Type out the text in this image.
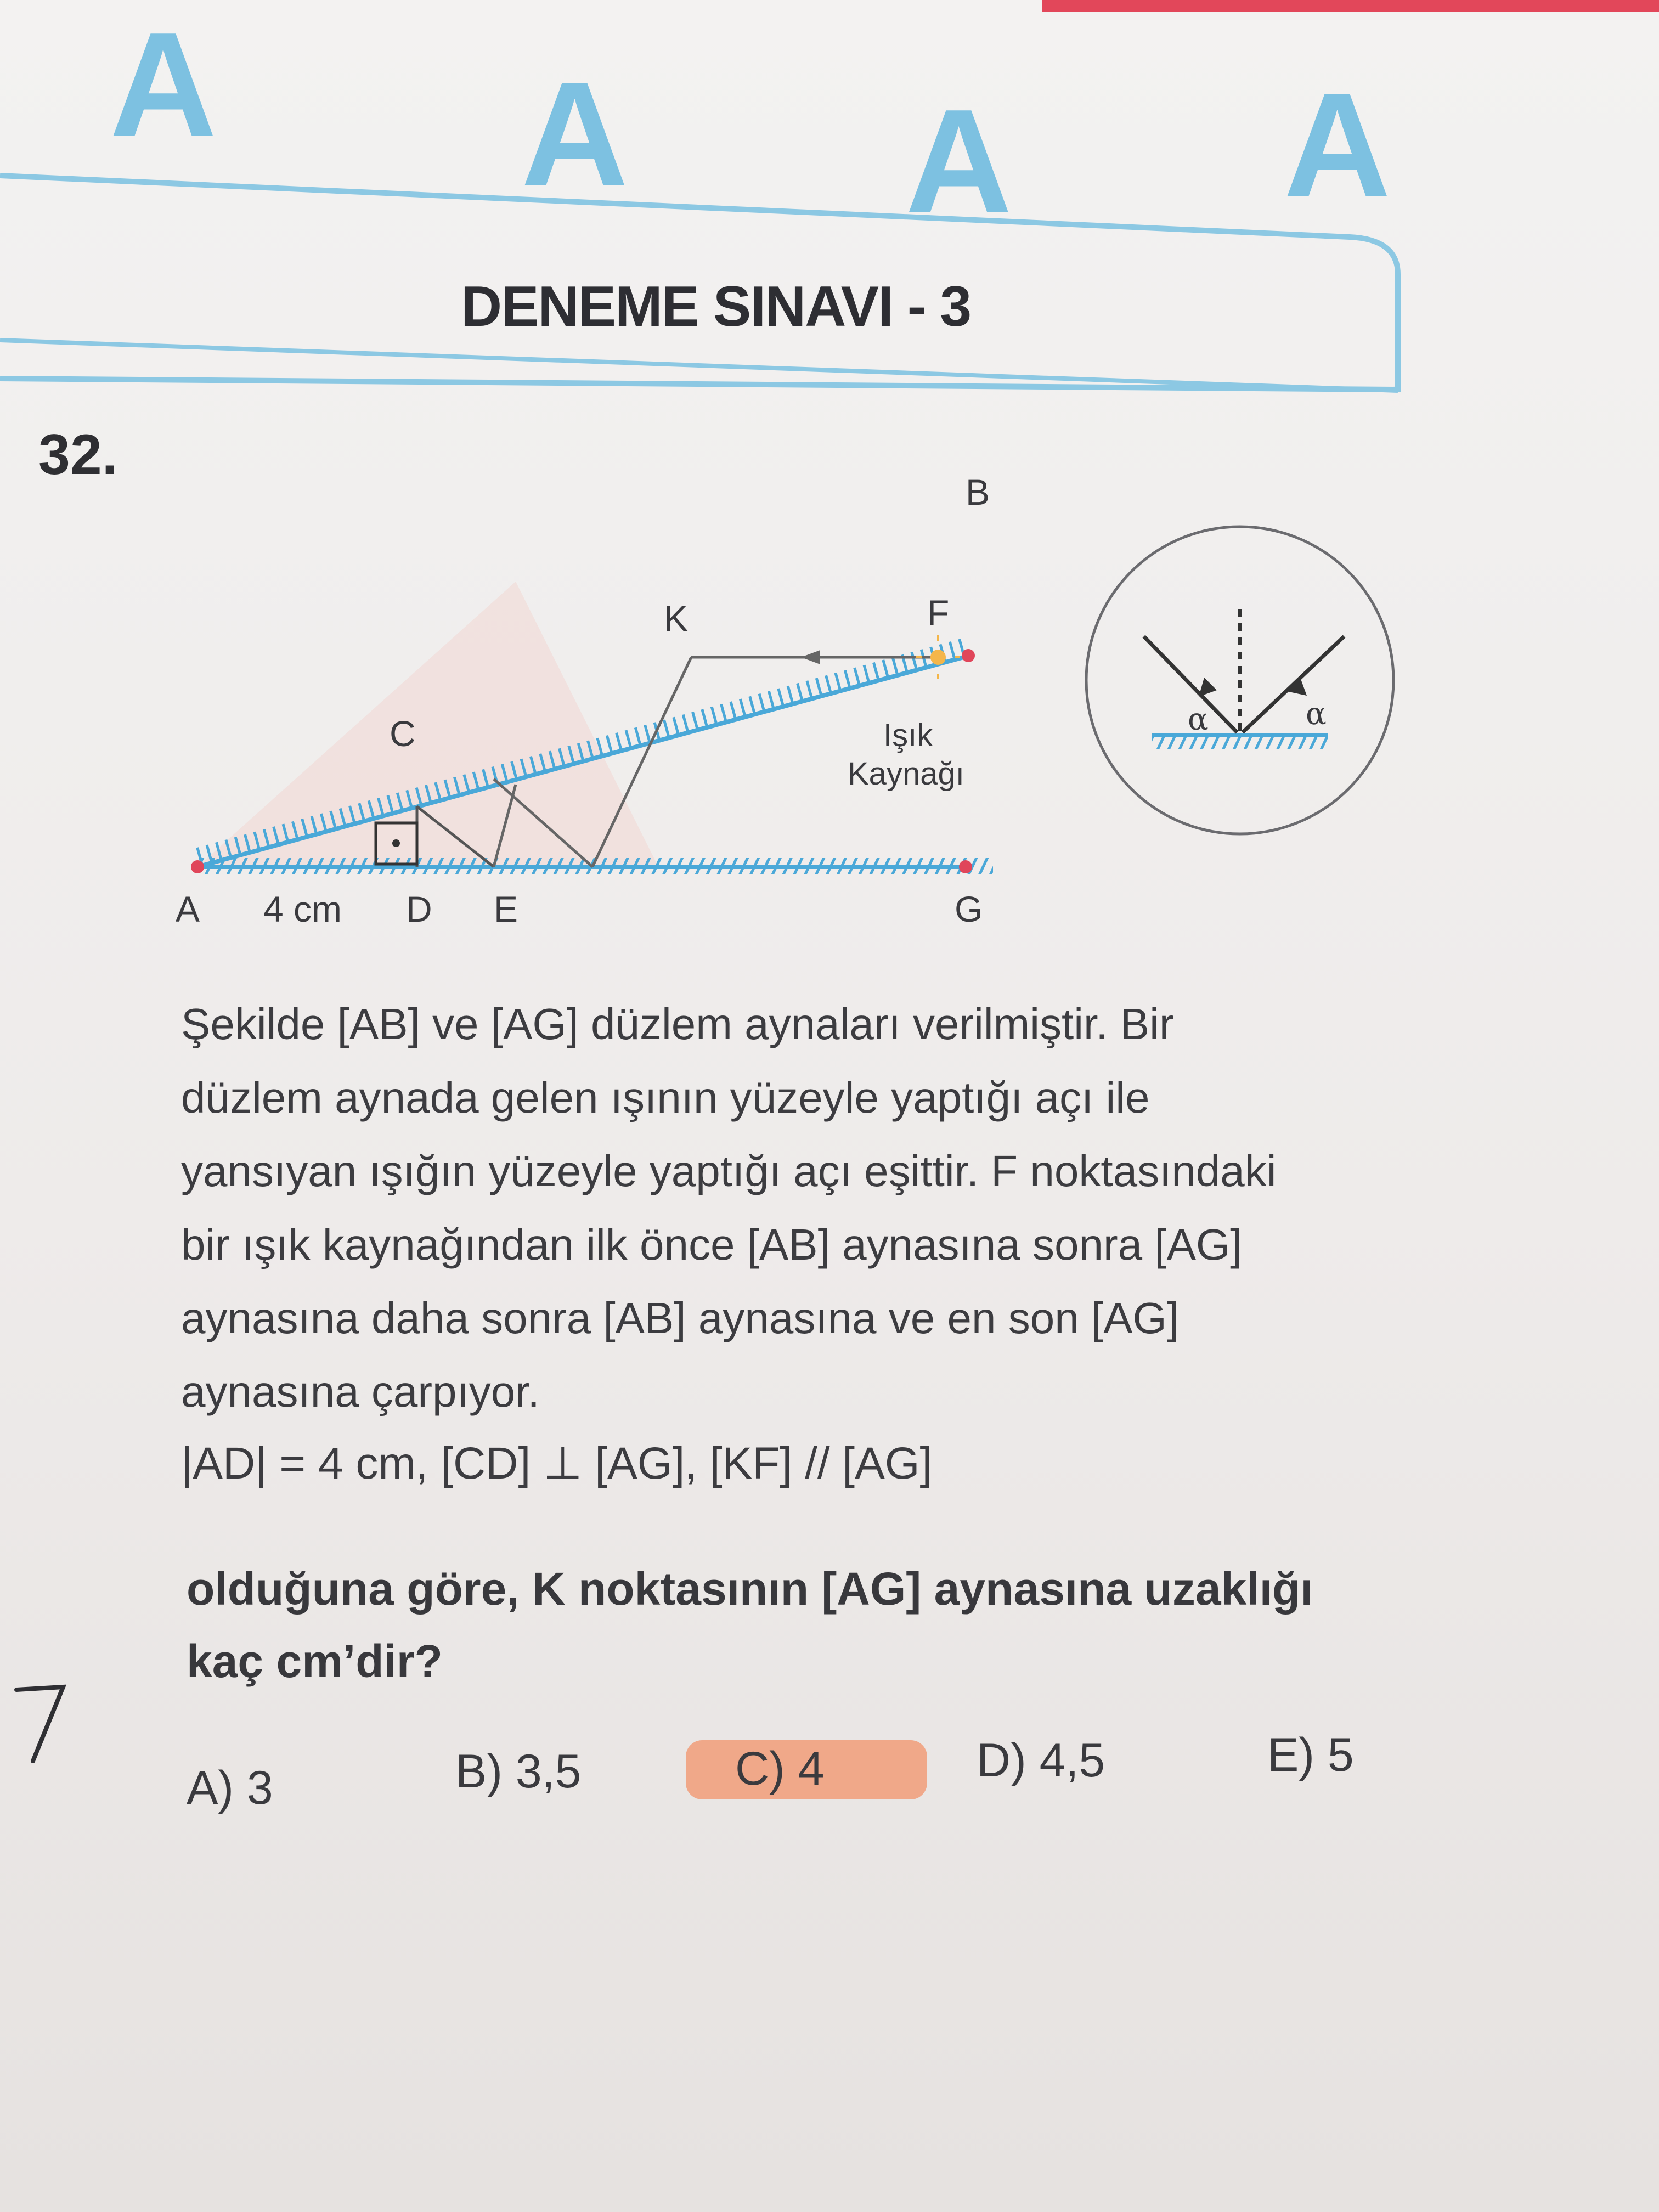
A A A A
DENEME SINAVI - 3
32.
A 4 cm D E	G
C
K	F
B
Işık
Kaynağı
α	α
Şekilde [AB] ve [AG] düzlem aynaları verilmiştir. Bir
düzlem aynada gelen ışının yüzeyle yaptığı açı ile
yansıyan ışığın yüzeyle yaptığı açı eşittir. F noktasındaki
bir ışık kaynağından ilk önce [AB] aynasına sonra [AG]
aynasına daha sonra [AB] aynasına ve en son [AG]
aynasına çarpıyor.
|AD| = 4 cm, [CD] ⊥ [AG], [KF] // [AG]
olduğuna göre, K noktasının [AG] aynasına uzaklığı
kaç cm’dir?
A) 3	B) 3,5	C) 4	D) 4,5	E) 5
